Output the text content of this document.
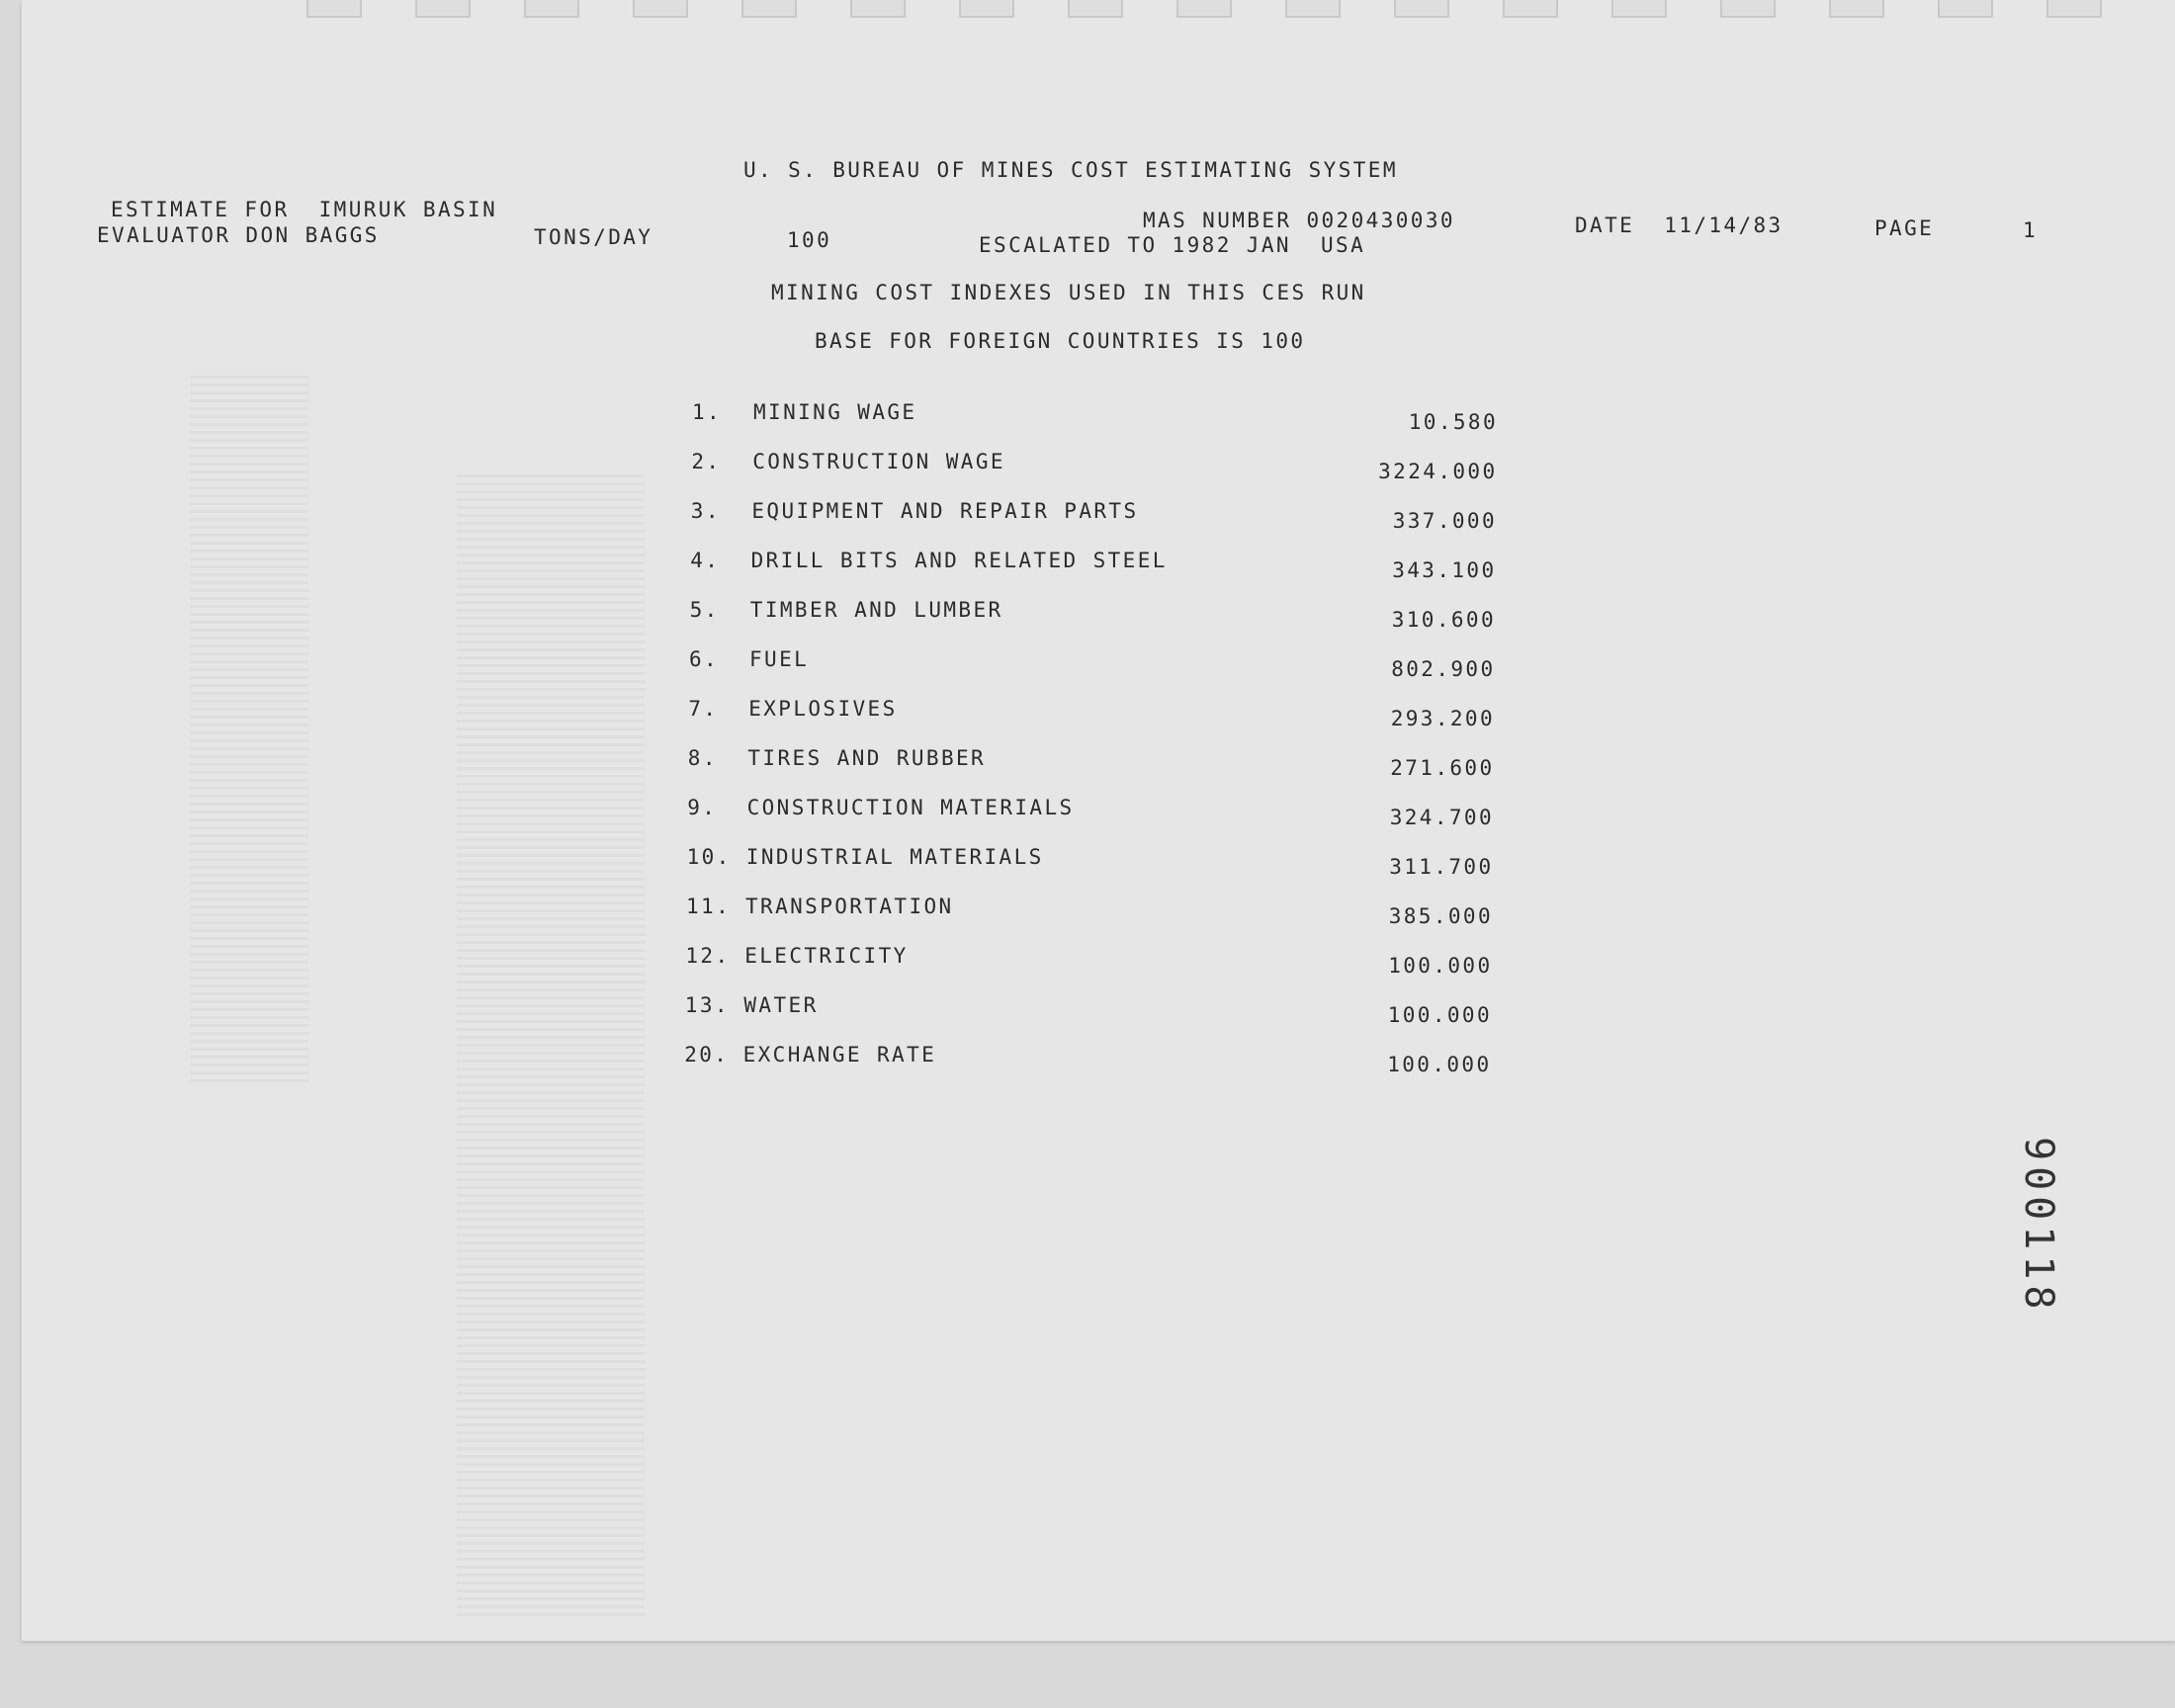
U. S. BUREAU OF MINES COST ESTIMATING SYSTEM
ESTIMATE FOR  IMURUK BASIN
EVALUATOR DON BAGGS	TONS/DAY	100
MAS NUMBER 0020430030
ESCALATED TO 1982 JAN  USA
DATE  11/14/83	PAGE	1
MINING COST INDEXES USED IN THIS CES RUN
BASE FOR FOREIGN COUNTRIES IS 100
1. MINING WAGE	10.580
2. CONSTRUCTION WAGE	3224.000
3. EQUIPMENT AND REPAIR PARTS	337.000
4. DRILL BITS AND RELATED STEEL	343.100
5. TIMBER AND LUMBER	310.600
6. FUEL	802.900
7. EXPLOSIVES	293.200
8. TIRES AND RUBBER	271.600
9. CONSTRUCTION MATERIALS	324.700
10. INDUSTRIAL MATERIALS	311.700
11. TRANSPORTATION	385.000
12. ELECTRICITY	100.000
13. WATER	100.000
20. EXCHANGE RATE	100.000
900118
